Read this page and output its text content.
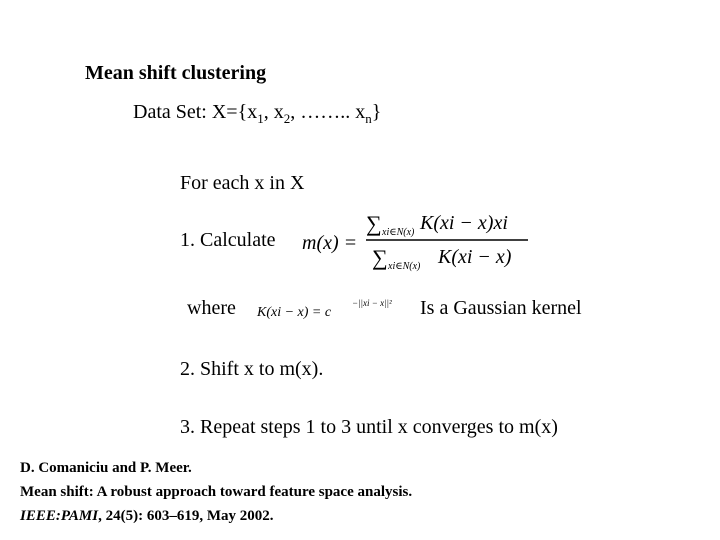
Mean shift clustering
Data Set: $X=\{x_1$, $x_2$, …….. $x_n$}
For each x in X
1. Calculate m(x) =
∑ xi∈N(x) K(xi − x)xi
∑ xi∈N(x) K(xi − x)
where K(xi − x) = c
−||xi − x||² Is a Gaussian kernel
2. Shift x to m(x).
3. Repeat steps 1 to 3 until x converges to m(x)
D. Comaniciu and P. Meer.
Mean shift: A robust approach toward feature space analysis.
IEEE:PAMI, 24(5): 603–619, May 2002.
